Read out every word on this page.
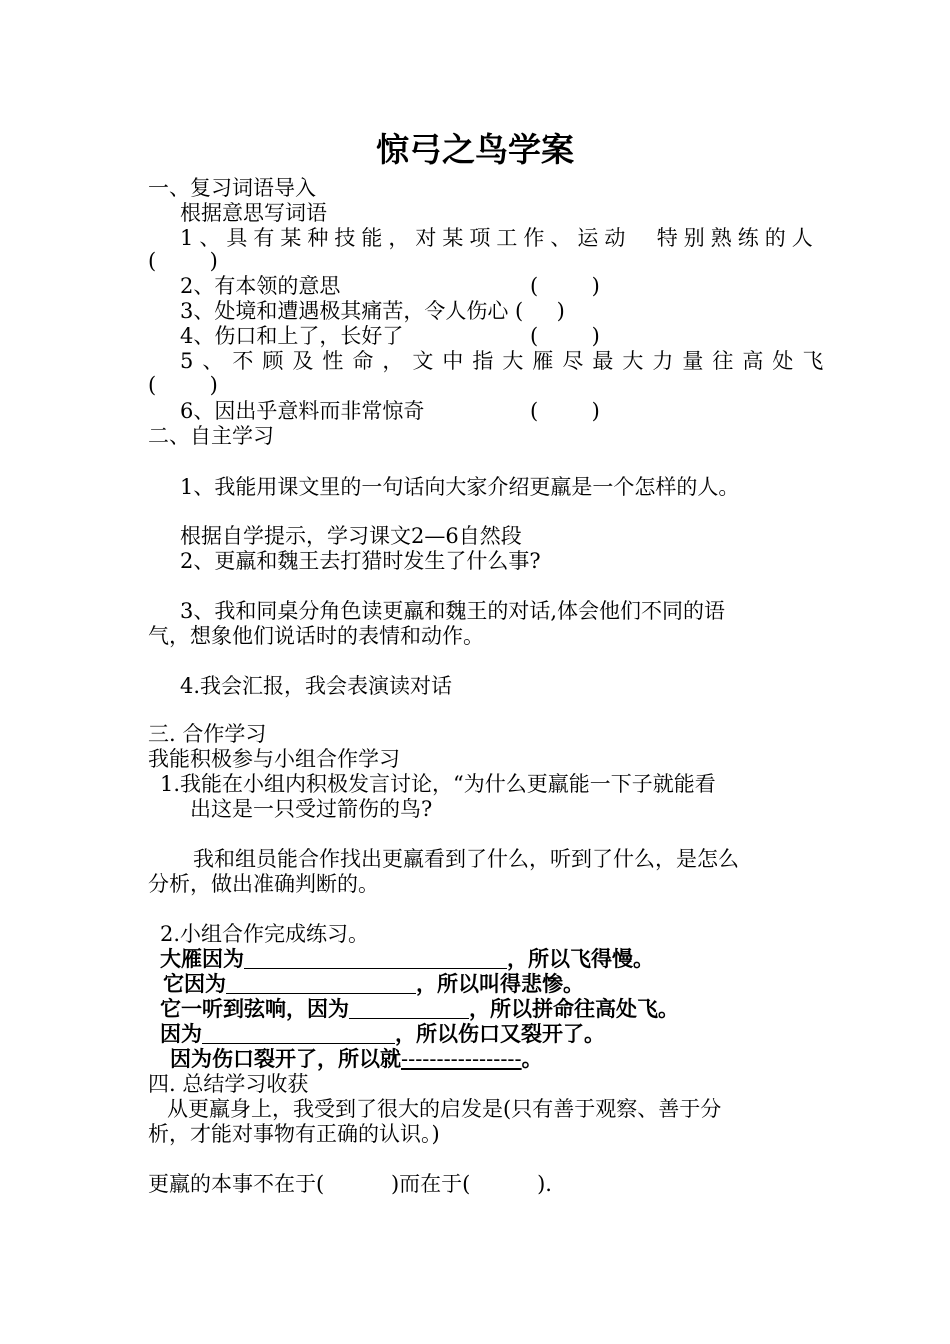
惊弓之鸟学案
一、复习词语导入
根据意思写词语
1、具有某种技能，对某项工作、运动  特别熟练的人
(        )
2、有本领的意思	(        )
3、处境和遭遇极其痛苦，令人伤心 (     )
4、伤口和上了，长好了	(        )
5、不顾及性命，文中指大雁尽最大力量往高处飞
(        )
6、因出乎意料而非常惊奇	(        )
二、自主学习
1、我能用课文里的一句话向大家介绍更羸是一个怎样的人。
根据自学提示，学习课文2—6自然段
2、更羸和魏王去打猎时发生了什么事?
3、我和同桌分角色读更羸和魏王的对话,体会他们不同的语
气，想象他们说话时的表情和动作。
4.我会汇报，我会表演读对话
三. 合作学习
我能积极参与小组合作学习
1.我能在小组内积极发言讨论，“为什么更羸能一下子就能看
出这是一只受过箭伤的鸟?
我和组员能合作找出更羸看到了什么，听到了什么，是怎么
分析，做出准确判断的。
2.小组合作完成练习。
大雁因为	，所以飞得慢。
它因为	，所以叫得悲惨。
它一听到弦响，因为	，所以拼命往高处飞。
因为	，所以伤口又裂开了。
因为伤口裂开了，所以就-----------------。
四. 总结学习收获
从更羸身上，我受到了很大的启发是(只有善于观察、善于分
析，才能对事物有正确的认识。)
更羸的本事不在于(          )而在于(          ).
